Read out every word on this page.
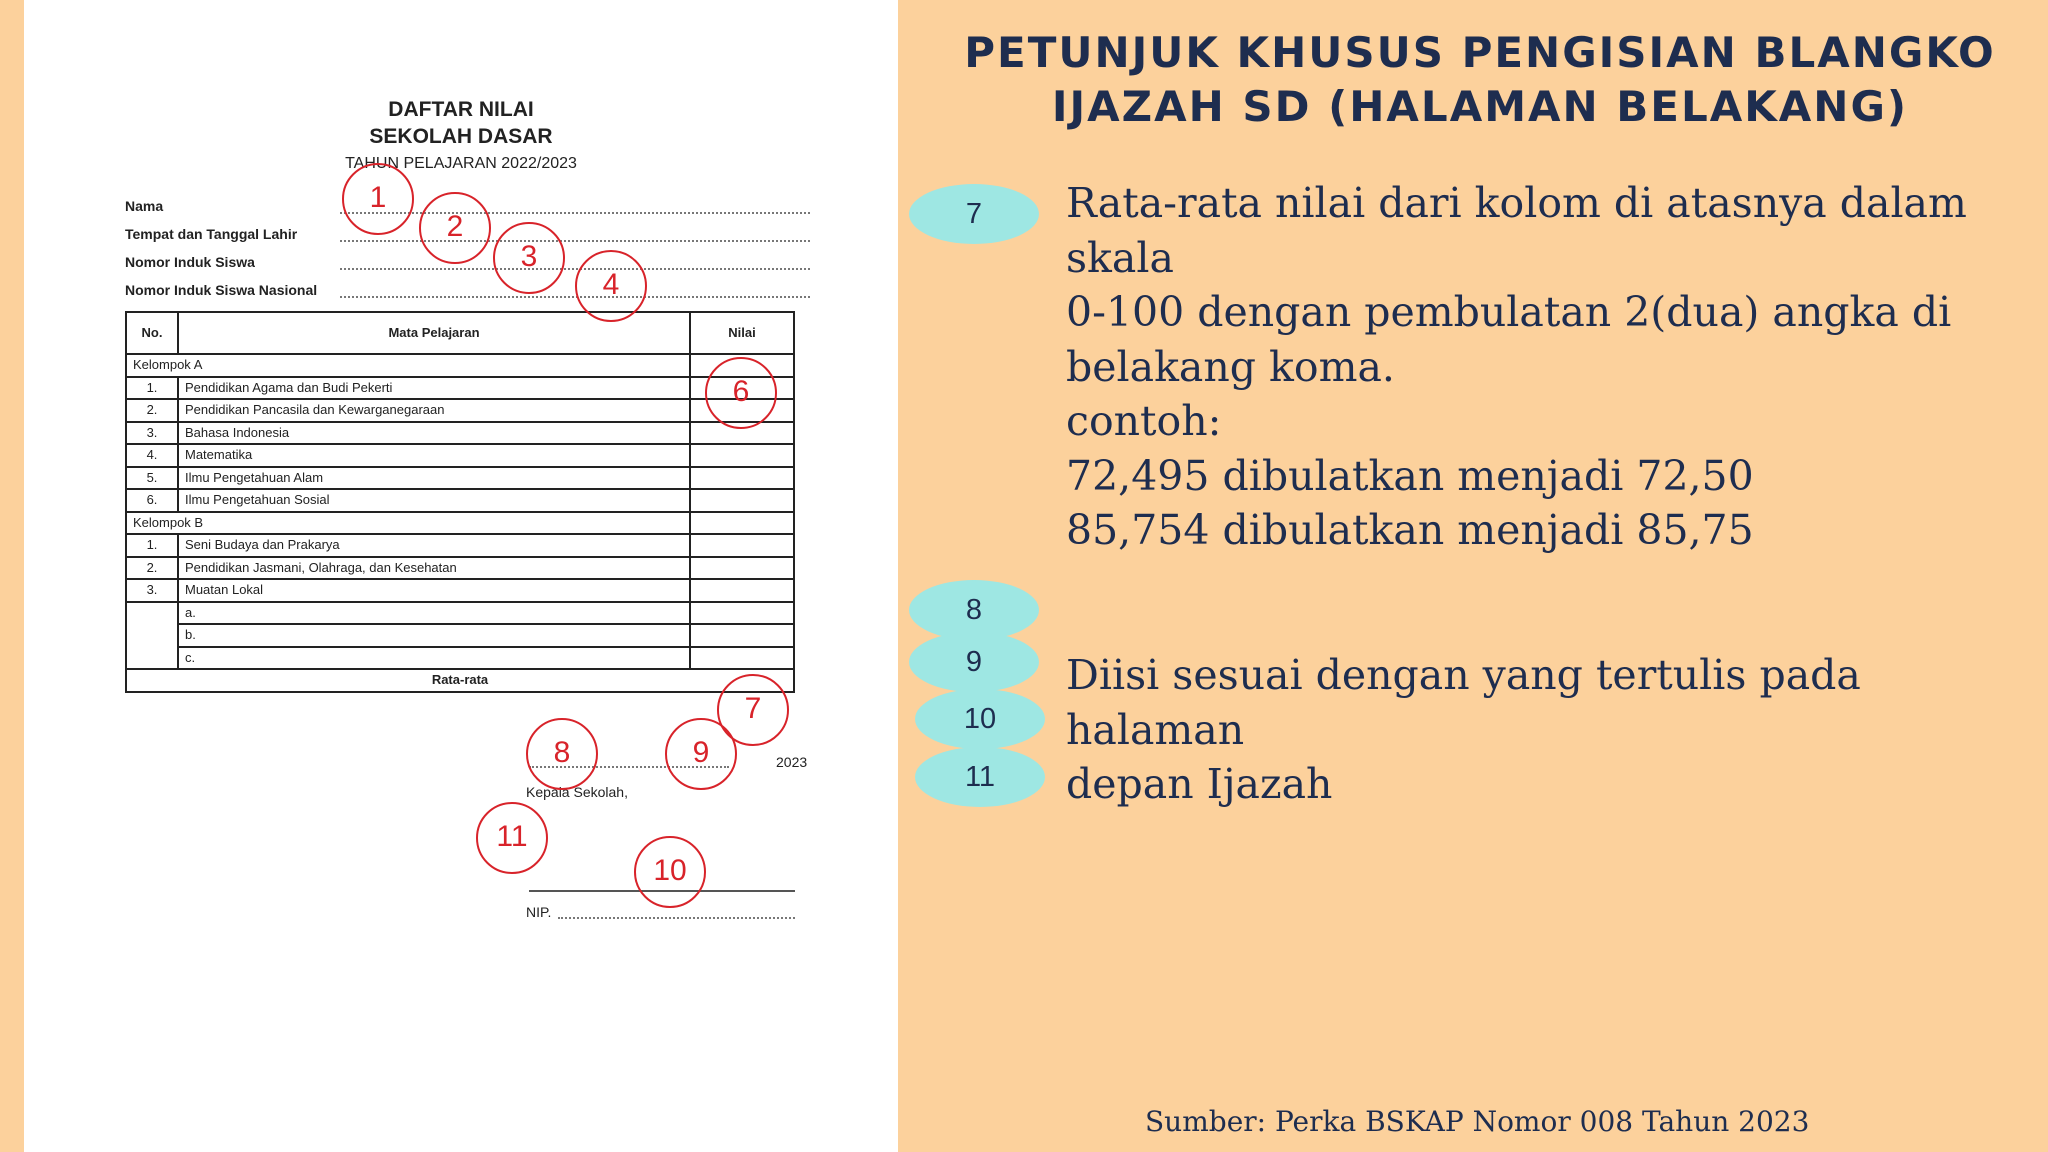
DAFTAR NILAI
SEKOLAH DASAR
TAHUN PELAJARAN 2022/2023
Nama
Tempat dan Tanggal Lahir
Nomor Induk Siswa
Nomor Induk Siswa Nasional
No.	Mata Pelajaran	Nilai
Kelompok A		
1.	Pendidikan Agama dan Budi Pekerti	
2.	Pendidikan Pancasila dan Kewarganegaraan	
3.	Bahasa Indonesia	
4.	Matematika	
5.	Ilmu Pengetahuan Alam	
6.	Ilmu Pengetahuan Sosial	
Kelompok B		
1.	Seni Budaya dan Prakarya	
2.	Pendidikan Jasmani, Olahraga, dan Kesehatan	
3.	Muatan Lokal	
	a.	
	b.	
	c.	
Rata-rata		
2023
Kepala Sekolah,
NIP.
1
2
3
4
6
7
8	9
10
11
PETUNJUK KHUSUS PENGISIAN BLANGKO
IJAZAH SD (HALAMAN BELAKANG)
7	Rata-rata nilai dari kolom di atasnya dalam skala
0-100 dengan pembulatan 2(dua) angka di
belakang koma.
contoh:
72,495 dibulatkan menjadi 72,50
85,754 dibulatkan menjadi 85,75
8
9
10
11
Diisi sesuai dengan yang tertulis pada halaman
depan Ijazah
Sumber: Perka BSKAP Nomor 008 Tahun 2023
